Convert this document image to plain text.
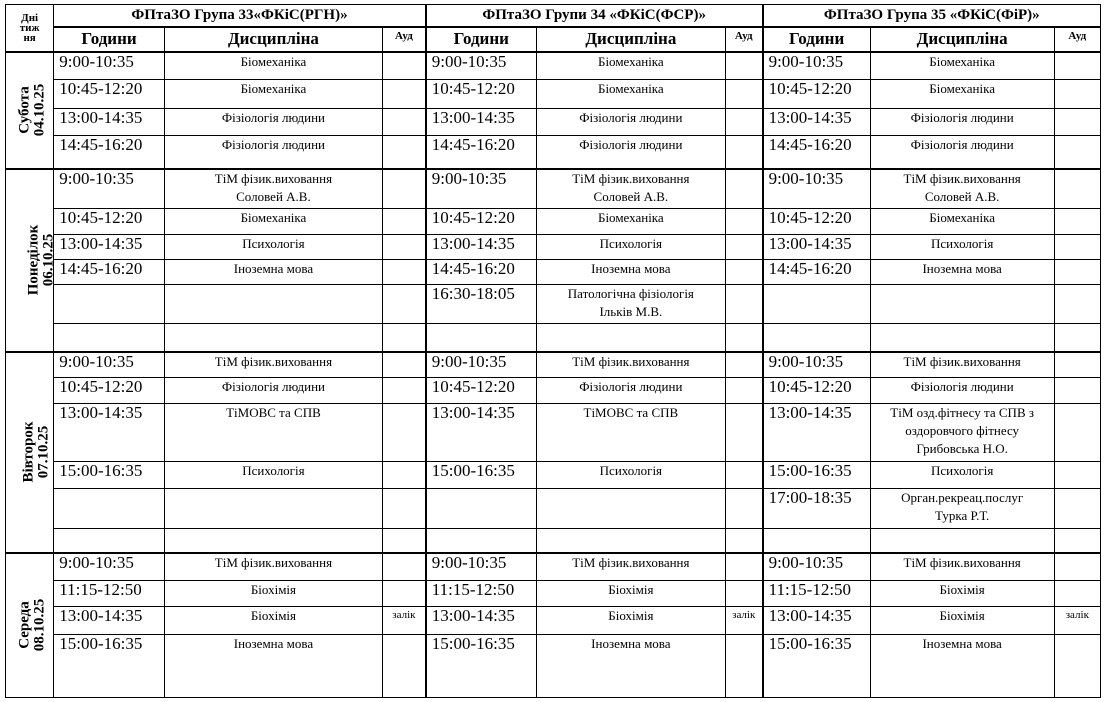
Дні
тиж
ня	ФПтаЗО Група 33«ФКіС(РГН)»			ФПтаЗО Групи 34 «ФКіС(ФСР)»			ФПтаЗО Група 35 «ФКіС(ФіР)»		
	Години	Дисципліна	Ауд	Години	Дисципліна	Ауд	Години	Дисципліна	Ауд

Субота 04.10.25	9:00-10:35	Біомеханіка		9:00-10:35	Біомеханіка		9:00-10:35	Біомеханіка	

	10:45-12:20	Біомеханіка		10:45-12:20	Біомеханіка		10:45-12:20	Біомеханіка	

	13:00-14:35	Фізіологія людини		13:00-14:35	Фізіологія людини		13:00-14:35	Фізіологія людини	

	14:45-16:20	Фізіологія людини		14:45-16:20	Фізіологія людини		14:45-16:20	Фізіологія людини	

Понеділок 06.10.25	9:00-10:35	ТіМ фізик.виховання
Соловей А.В.		9:00-10:35	ТіМ фізик.виховання
Соловей А.В.		9:00-10:35	ТіМ фізик.виховання
Соловей А.В.	

	10:45-12:20	Біомеханіка		10:45-12:20	Біомеханіка		10:45-12:20	Біомеханіка	

	13:00-14:35	Психологія		13:00-14:35	Психологія		13:00-14:35	Психологія	

	14:45-16:20	Іноземна мова		14:45-16:20	Іноземна мова		14:45-16:20	Іноземна мова	

				16:30-18:05	Патологічна фізіологія
Ільків М.В.				

Вівторок 07.10.25	9:00-10:35	ТіМ фізик.виховання		9:00-10:35	ТіМ фізик.виховання		9:00-10:35	ТіМ фізик.виховання	

	10:45-12:20	Фізіологія людини		10:45-12:20	Фізіологія людини		10:45-12:20	Фізіологія людини	

	13:00-14:35	ТіМОВС та СПВ		13:00-14:35	ТіМОВС та СПВ		13:00-14:35	ТіМ озд.фітнесу та СПВ з
оздоровчого фітнесу
Грибовська Н.О.	

	15:00-16:35	Психологія		15:00-16:35	Психологія		15:00-16:35	Психологія	

							17:00-18:35	Орган.рекреац.послуг
Турка Р.Т.	

Середа 08.10.25	9:00-10:35	ТіМ фізик.виховання		9:00-10:35	ТіМ фізик.виховання		9:00-10:35	ТіМ фізик.виховання	

	11:15-12:50	Біохімія		11:15-12:50	Біохімія		11:15-12:50	Біохімія	

	13:00-14:35	Біохімія	залік	13:00-14:35	Біохімія	залік	13:00-14:35	Біохімія	залік
	15:00-16:35	Іноземна мова		15:00-16:35	Іноземна мова		15:00-16:35	Іноземна мова	
